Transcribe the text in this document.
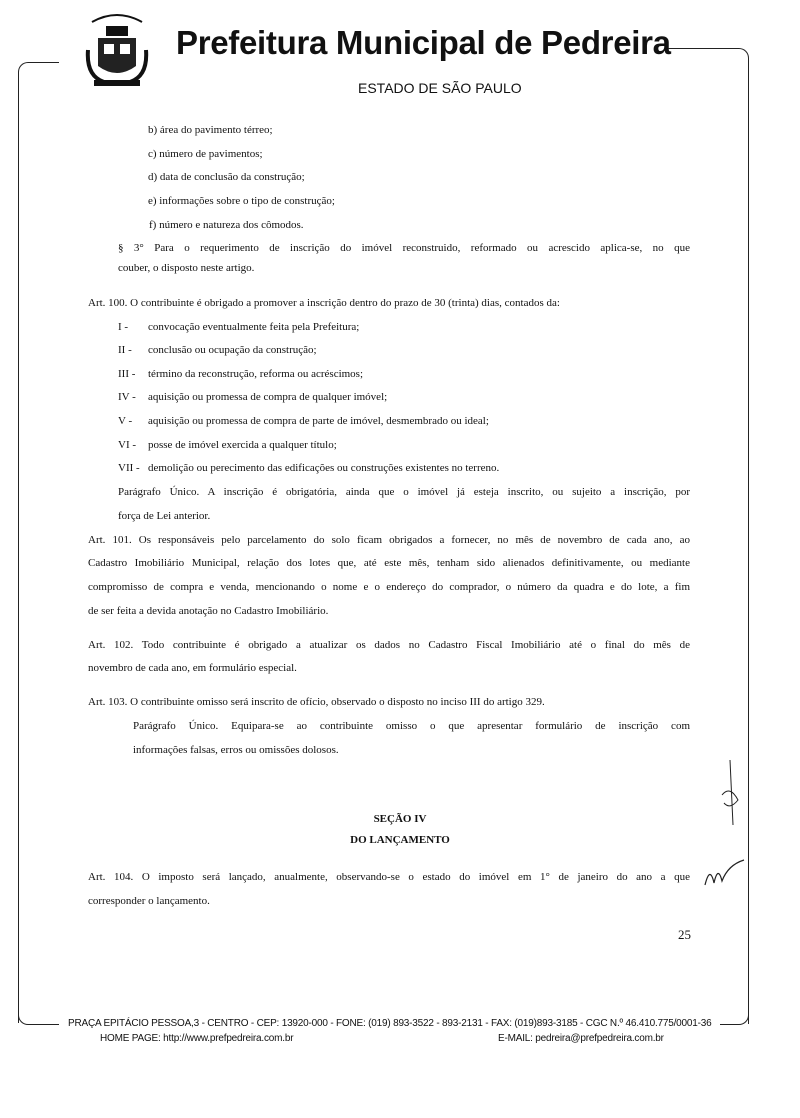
Prefeitura Municipal de Pedreira
ESTADO DE SÃO PAULO
b) área do pavimento térreo;
c) número de pavimentos;
d) data de conclusão da construção;
e) informações sobre o tipo de construção;
f) número e natureza dos cômodos.
§ 3° Para o requerimento de inscrição do imóvel reconstruido, reformado ou acrescido aplica-se, no que
couber, o disposto neste artigo.
Art. 100. O contribuinte é obrigado a promover a inscrição dentro do prazo de 30 (trinta) dias, contados da:
I - convocação eventualmente feita pela Prefeitura;
II - conclusão ou ocupação da construção;
III - término da reconstrução, reforma ou acréscimos;
IV - aquisição ou promessa de compra de qualquer imóvel;
V - aquisição ou promessa de compra de parte de imóvel, desmembrado ou ideal;
VI - posse de imóvel exercida a qualquer título;
VII - demolição ou perecimento das edificações ou construções existentes no terreno.
Parágrafo Único. A inscrição é obrigatória, ainda que o imóvel já esteja inscrito, ou sujeito a inscrição, por
força de Lei anterior.
Art. 101. Os responsáveis pelo parcelamento do solo ficam obrigados a fornecer, no mês de novembro de cada ano, ao
Cadastro Imobiliário Municipal, relação dos lotes que, até este mês, tenham sido alienados definitivamente, ou mediante
compromisso de compra e venda, mencionando o nome e o endereço do comprador, o número da quadra e do lote, a fim
de ser feita a devida anotação no Cadastro Imobiliário.
Art. 102. Todo contribuinte é obrigado a atualizar os dados no Cadastro Fiscal Imobiliário até o final do mês de
novembro de cada ano, em formulário especial.
Art. 103. O contribuinte omisso será inscrito de ofício, observado o disposto no inciso III do artigo 329.
Parágrafo Único. Equipara-se ao contribuinte omisso o que apresentar formulário de inscrição com
informações falsas, erros ou omissões dolosos.
SEÇÃO IV
DO LANÇAMENTO
Art. 104. O imposto será lançado, anualmente, observando-se o estado do imóvel em 1° de janeiro do ano a que
corresponder o lançamento.
25
PRAÇA EPITÁCIO PESSOA,3 - CENTRO - CEP: 13920-000 - FONE: (019) 893-3522 - 893-2131 - FAX: (019)893-3185 - CGC N.º 46.410.775/0001-36
HOME PAGE: http://www.prefpedreira.com.br	E-MAIL: pedreira@prefpedreira.com.br
